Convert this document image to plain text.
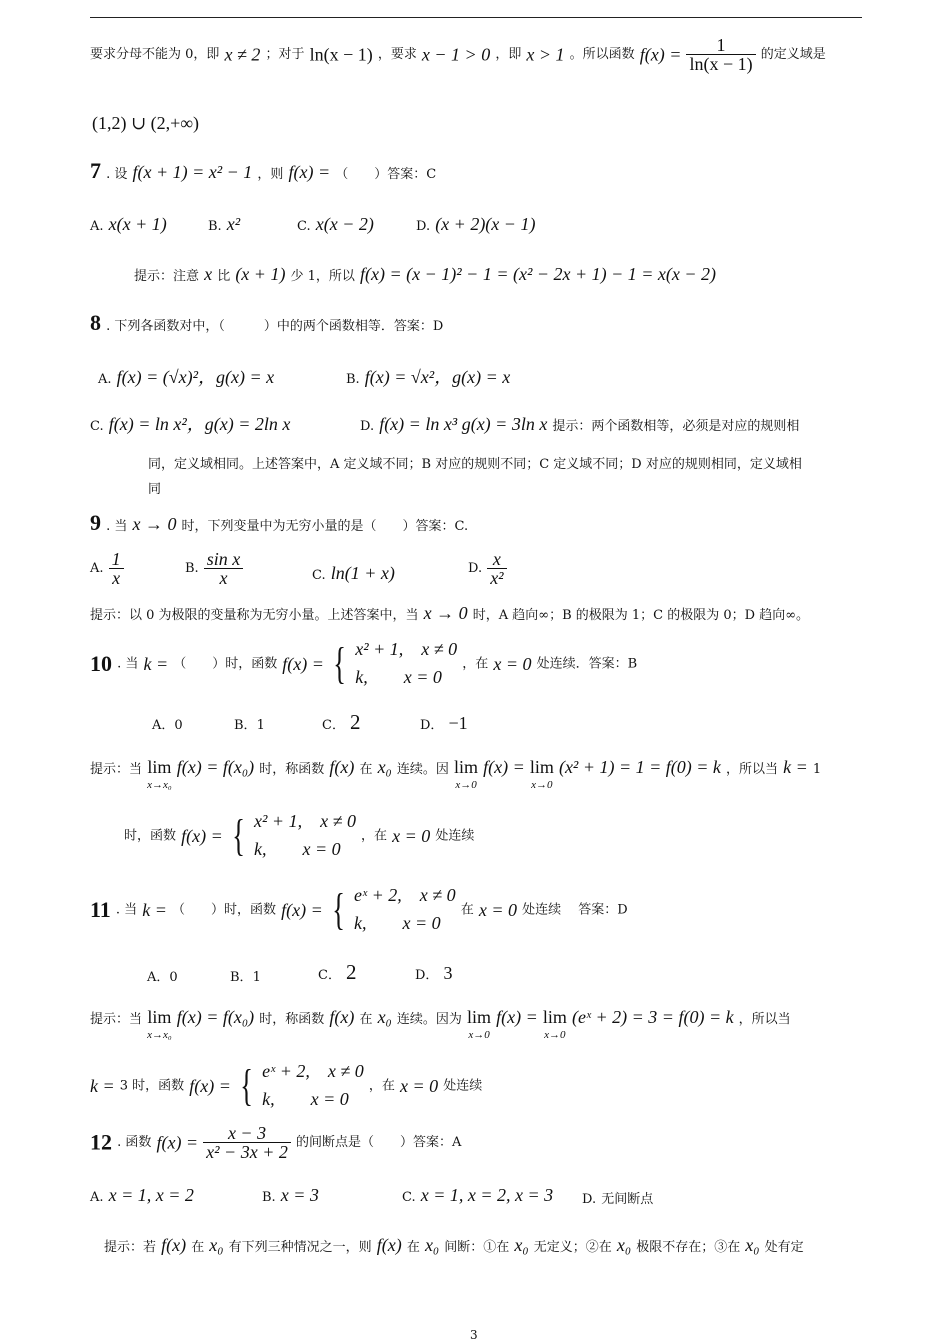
要求分母不能为 0，即 x ≠ 2 ；对于 ln(x − 1) ，要求 x − 1 > 0 ，即 x > 1 。所以函数 $f(x) = \frac{1}{\ln(x - 1)}$ 的定义域是
(1,2) ∪ (2,+∞)
7 . 设 f(x + 1) = x² − 1 ，则 f(x) = （　　）答案：C
A. x(x + 1)	B. x²	C. x(x − 2)	D. (x + 2)(x − 1)
提示：注意 x 比 (x + 1) 少 1，所以 f(x) = (x − 1)² − 1 = (x² − 2x + 1) − 1 = x(x − 2)
8 . 下列各函数对中，（　　　）中的两个函数相等．答案：D
A. f(x) = (√x)²，g(x) = x	B. f(x) = √x²，g(x) = x
C. f(x) = ln x²，g(x) = 2ln x	D. f(x) = ln x³ g(x) = 3ln x 提示：两个函数相等，必须是对应的规则相
同，定义域相同。上述答案中，A 定义域不同；B 对应的规则不同；C 定义域不同；D 对应的规则相同，定义域相
同
9 . 当 x → 0 时，下列变量中为无穷小量的是（　　）答案：C.
A. $\frac{1}{x}$	B. $\frac{\text{sin x}}{x}$	C. ln(1 + x)	D. $\frac{x}{\text{x²}}$
提示：以 0 为极限的变量称为无穷小量。上述答案中，当 x → 0 时，A 趋向∞；B 的极限为 1；C 的极限为 0；D 趋向∞。
10 . 当 k = （　　）时，函数 f(x) = { x² + 1,　x ≠ 0
k,　　x = 0 ，在 x = 0 处连续．答案：B
A．0	B．1	C． 2	D． −1
提示：当 lim
x→x₀
f(x) = f(x₀) 时，称函数 f(x) 在 x₀ 连续。因 lim
x→0
f(x) = lim
x→0
(x² + 1) = 1 = f(0) = k ，所以当 k = 1
时，函数 f(x) = { x² + 1,　x ≠ 0
k,　　x = 0 ，在 x = 0 处连续
11 . 当 k = （　　）时，函数 f(x) = { eˣ + 2,　x ≠ 0
k,　　x = 0 在 x = 0 处连续　 答案：D
A．0	B．1	C． 2	D． 3
提示：当 lim
x→x₀
f(x) = f(x₀) 时，称函数 f(x) 在 x₀ 连续。因为 lim
x→0
f(x) = lim
x→0
(eˣ + 2) = 3 = f(0) = k ，所以当
k = 3 时，函数 f(x) = { eˣ + 2,　x ≠ 0
k,　　x = 0 ，在 x = 0 处连续
12 . 函数 $f(x) = \frac{x - 3}{\text{x² − 3x + 2}}$ 的间断点是（　　）答案：A
A. x = 1, x = 2	B. x = 3	C. x = 1, x = 2, x = 3 D. 无间断点
提示：若 f(x) 在 x₀ 有下列三种情况之一，则 f(x) 在 x₀ 间断：①在 x₀ 无定义；②在 x₀ 极限不存在；③在 x₀ 处有定
3
